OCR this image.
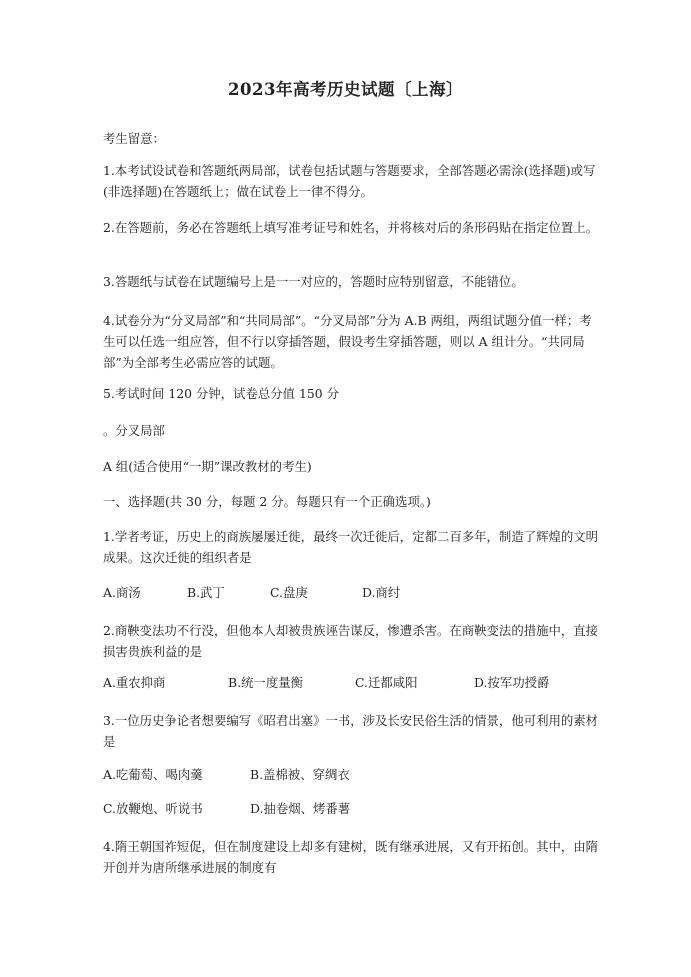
2023年高考历史试题〔上海〕
考生留意：
1.本考试设试卷和答题纸两局部，试卷包括试题与答题要求，全部答题必需涂(选择题)或写(非选择题)在答题纸上；做在试卷上一律不得分。
2.在答题前，务必在答题纸上填写准考证号和姓名，并将核对后的条形码贴在指定位置上。
3.答题纸与试卷在试题编号上是一一对应的，答题时应特别留意，不能错位。
4.试卷分为“分叉局部”和“共同局部”。“分叉局部”分为 A.B 两组，两组试题分值一样；考生可以任选一组应答，但不行以穿插答题，假设考生穿插答题，则以 A 组计分。“共同局部”为全部考生必需应答的试题。
5.考试时间 120 分钟，试卷总分值 150 分
。分叉局部
A 组(适合使用“一期”课改教材的考生)
一、选择题(共 30 分，每题 2 分。每题只有一个正确选项。)
1.学者考证，历史上的商族屡屡迁徙，最终一次迁徙后，定都二百多年，制造了辉煌的文明成果。这次迁徙的组织者是
A.商汤	B.武丁	C.盘庚	D.商纣
2.商鞅变法功不行没，但他本人却被贵族诬告谋反，惨遭杀害。在商鞅变法的措施中，直接损害贵族利益的是
A.重农抑商	B.统一度量衡	C.迁都咸阳	D.按军功授爵
3.一位历史争论者想要编写《昭君出塞》一书，涉及长安民俗生活的情景，他可利用的素材是
A.吃葡萄、喝肉羹	B.盖棉被、穿绸衣
C.放鞭炮、听说书	D.抽卷烟、烤番薯
4.隋王朝国祚短促，但在制度建设上却多有建树，既有继承进展，又有开拓创。其中，由隋开创并为唐所继承进展的制度有
